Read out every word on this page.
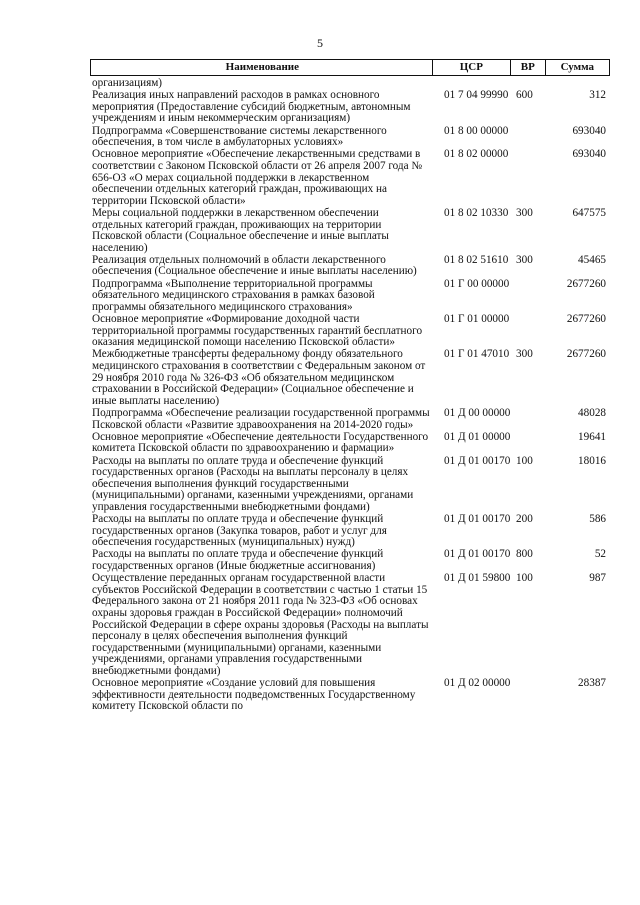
5
Наименование	ЦСР	ВР	Сумма
организациям)
Реализация иных направлений расходов в рамках основного мероприятия (Предоставление субсидий бюджетным, автономным учреждениям и иным некоммерческим организациям)
01 7 04 99990 600	312
Подпрограмма «Совершенствование системы лекарственного обеспечения, в том числе в амбулаторных условиях»
01 8 00 00000	693040
Основное мероприятие «Обеспечение лекарственными средствами в соответствии с Законом Псковской области от 26 апреля 2007 года № 656-ОЗ «О мерах социальной поддержки в лекарственном обеспечении отдельных категорий граждан, проживающих на территории Псковской области»
01 8 02 00000	693040
Меры социальной поддержки в лекарственном обеспечении отдельных категорий граждан, проживающих на территории Псковской области (Социальное обеспечение и иные выплаты населению)
01 8 02 10330 300	647575
Реализация отдельных полномочий в области лекарственного обеспечения (Социальное обеспечение и иные выплаты населению)
01 8 02 51610 300	45465
Подпрограмма «Выполнение территориальной программы обязательного медицинского страхования в рамках базовой программы обязательного медицинского страхования»
01 Г 00 00000	2677260
Основное мероприятие «Формирование доходной части территориальной программы государственных гарантий бесплатного оказания медицинской помощи населению Псковской области»
01 Г 01 00000	2677260
Межбюджетные трансферты федеральному фонду обязательного медицинского страхования в соответствии с Федеральным законом от 29 ноября 2010 года № 326-ФЗ «Об обязательном медицинском страховании в Российской Федерации» (Социальное обеспечение и иные выплаты населению)
01 Г 01 47010 300	2677260
Подпрограмма «Обеспечение реализации государственной программы Псковской области «Развитие здравоохранения на 2014-2020 годы»
01 Д 00 00000	48028
Основное мероприятие «Обеспечение деятельности Государственного комитета Псковской области по здравоохранению и фармации»
01 Д 01 00000	19641
Расходы на выплаты по оплате труда и обеспечение функций государственных органов (Расходы на выплаты персоналу в целях обеспечения выполнения функций государственными (муниципальными) органами, казенными учреждениями, органами управления государственными внебюджетными фондами)
01 Д 01 00170 100	18016
Расходы на выплаты по оплате труда и обеспечение функций государственных органов (Закупка товаров, работ и услуг для обеспечения государственных (муниципальных) нужд)
01 Д 01 00170 200	586
Расходы на выплаты по оплате труда и обеспечение функций государственных органов (Иные бюджетные ассигнования)
01 Д 01 00170 800	52
Осуществление переданных органам государственной власти субъектов Российской Федерации в соответствии с частью 1 статьи 15 Федерального закона от 21 ноября 2011 года № 323-ФЗ «Об основах охраны здоровья граждан в Российской Федерации» полномочий Российской Федерации в сфере охраны здоровья (Расходы на выплаты персоналу в целях обеспечения выполнения функций государственными (муниципальными) органами, казенными учреждениями, органами управления государственными внебюджетными фондами)
01 Д 01 59800 100	987
Основное мероприятие «Создание условий для повышения эффективности деятельности подведомственных Государственному комитету Псковской области по
01 Д 02 00000	28387
